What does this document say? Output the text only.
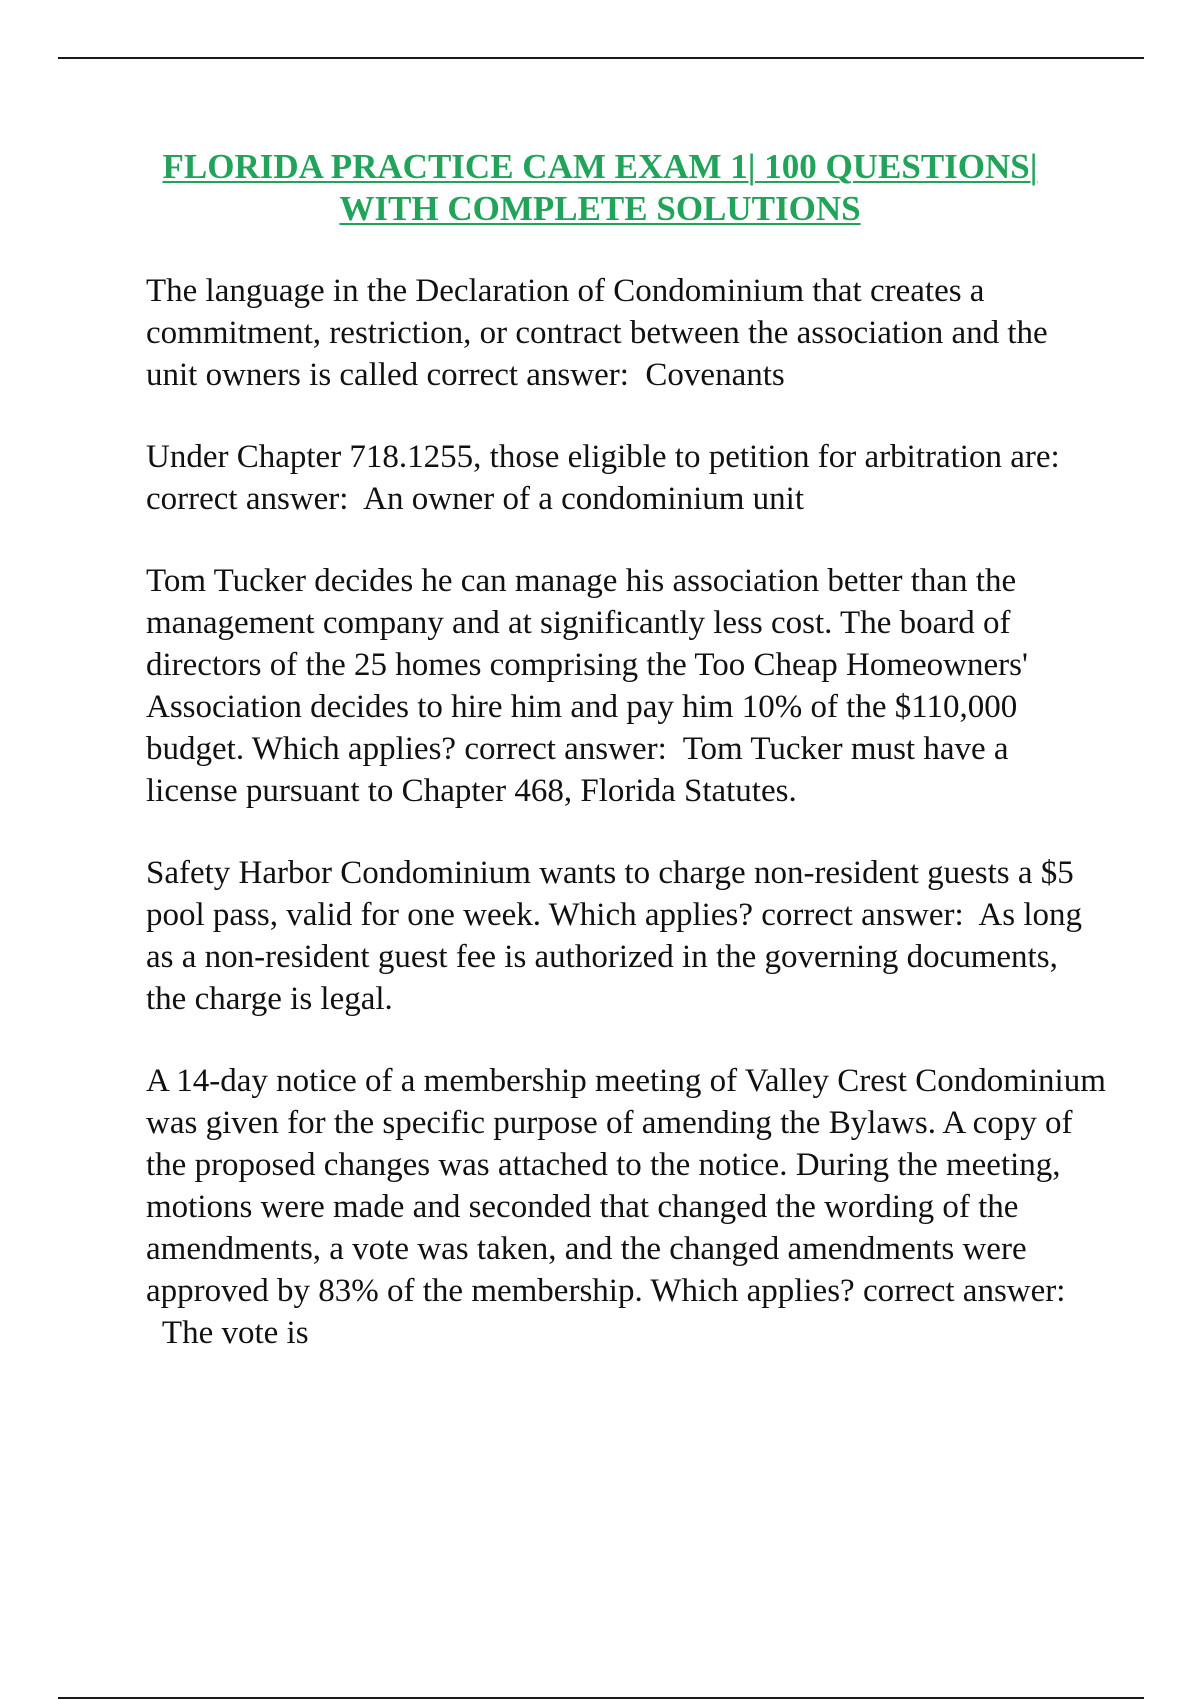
FLORIDA PRACTICE CAM EXAM 1| 100 QUESTIONS|
WITH COMPLETE SOLUTIONS

The language in the Declaration of Condominium that creates a commitment, restriction, or contract between the association and the unit owners is called correct answer: Covenants

Under Chapter 718.1255, those eligible to petition for arbitration are: correct answer: An owner of a condominium unit

Tom Tucker decides he can manage his association better than the management company and at significantly less cost. The board of directors of the 25 homes comprising the Too Cheap Homeowners' Association decides to hire him and pay him 10% of the $110,000 budget. Which applies? correct answer: Tom Tucker must have a license pursuant to Chapter 468, Florida Statutes.

Safety Harbor Condominium wants to charge non-resident guests a $5 pool pass, valid for one week. Which applies? correct answer: As long as a non-resident guest fee is authorized in the governing documents, the charge is legal.

A 14-day notice of a membership meeting of Valley Crest Condominium was given for the specific purpose of amending the Bylaws. A copy of the proposed changes was attached to the notice. During the meeting, motions were made and seconded that changed the wording of the amendments, a vote was taken, and the changed amendments were approved by 83% of the membership. Which applies? correct answer:  The vote is
